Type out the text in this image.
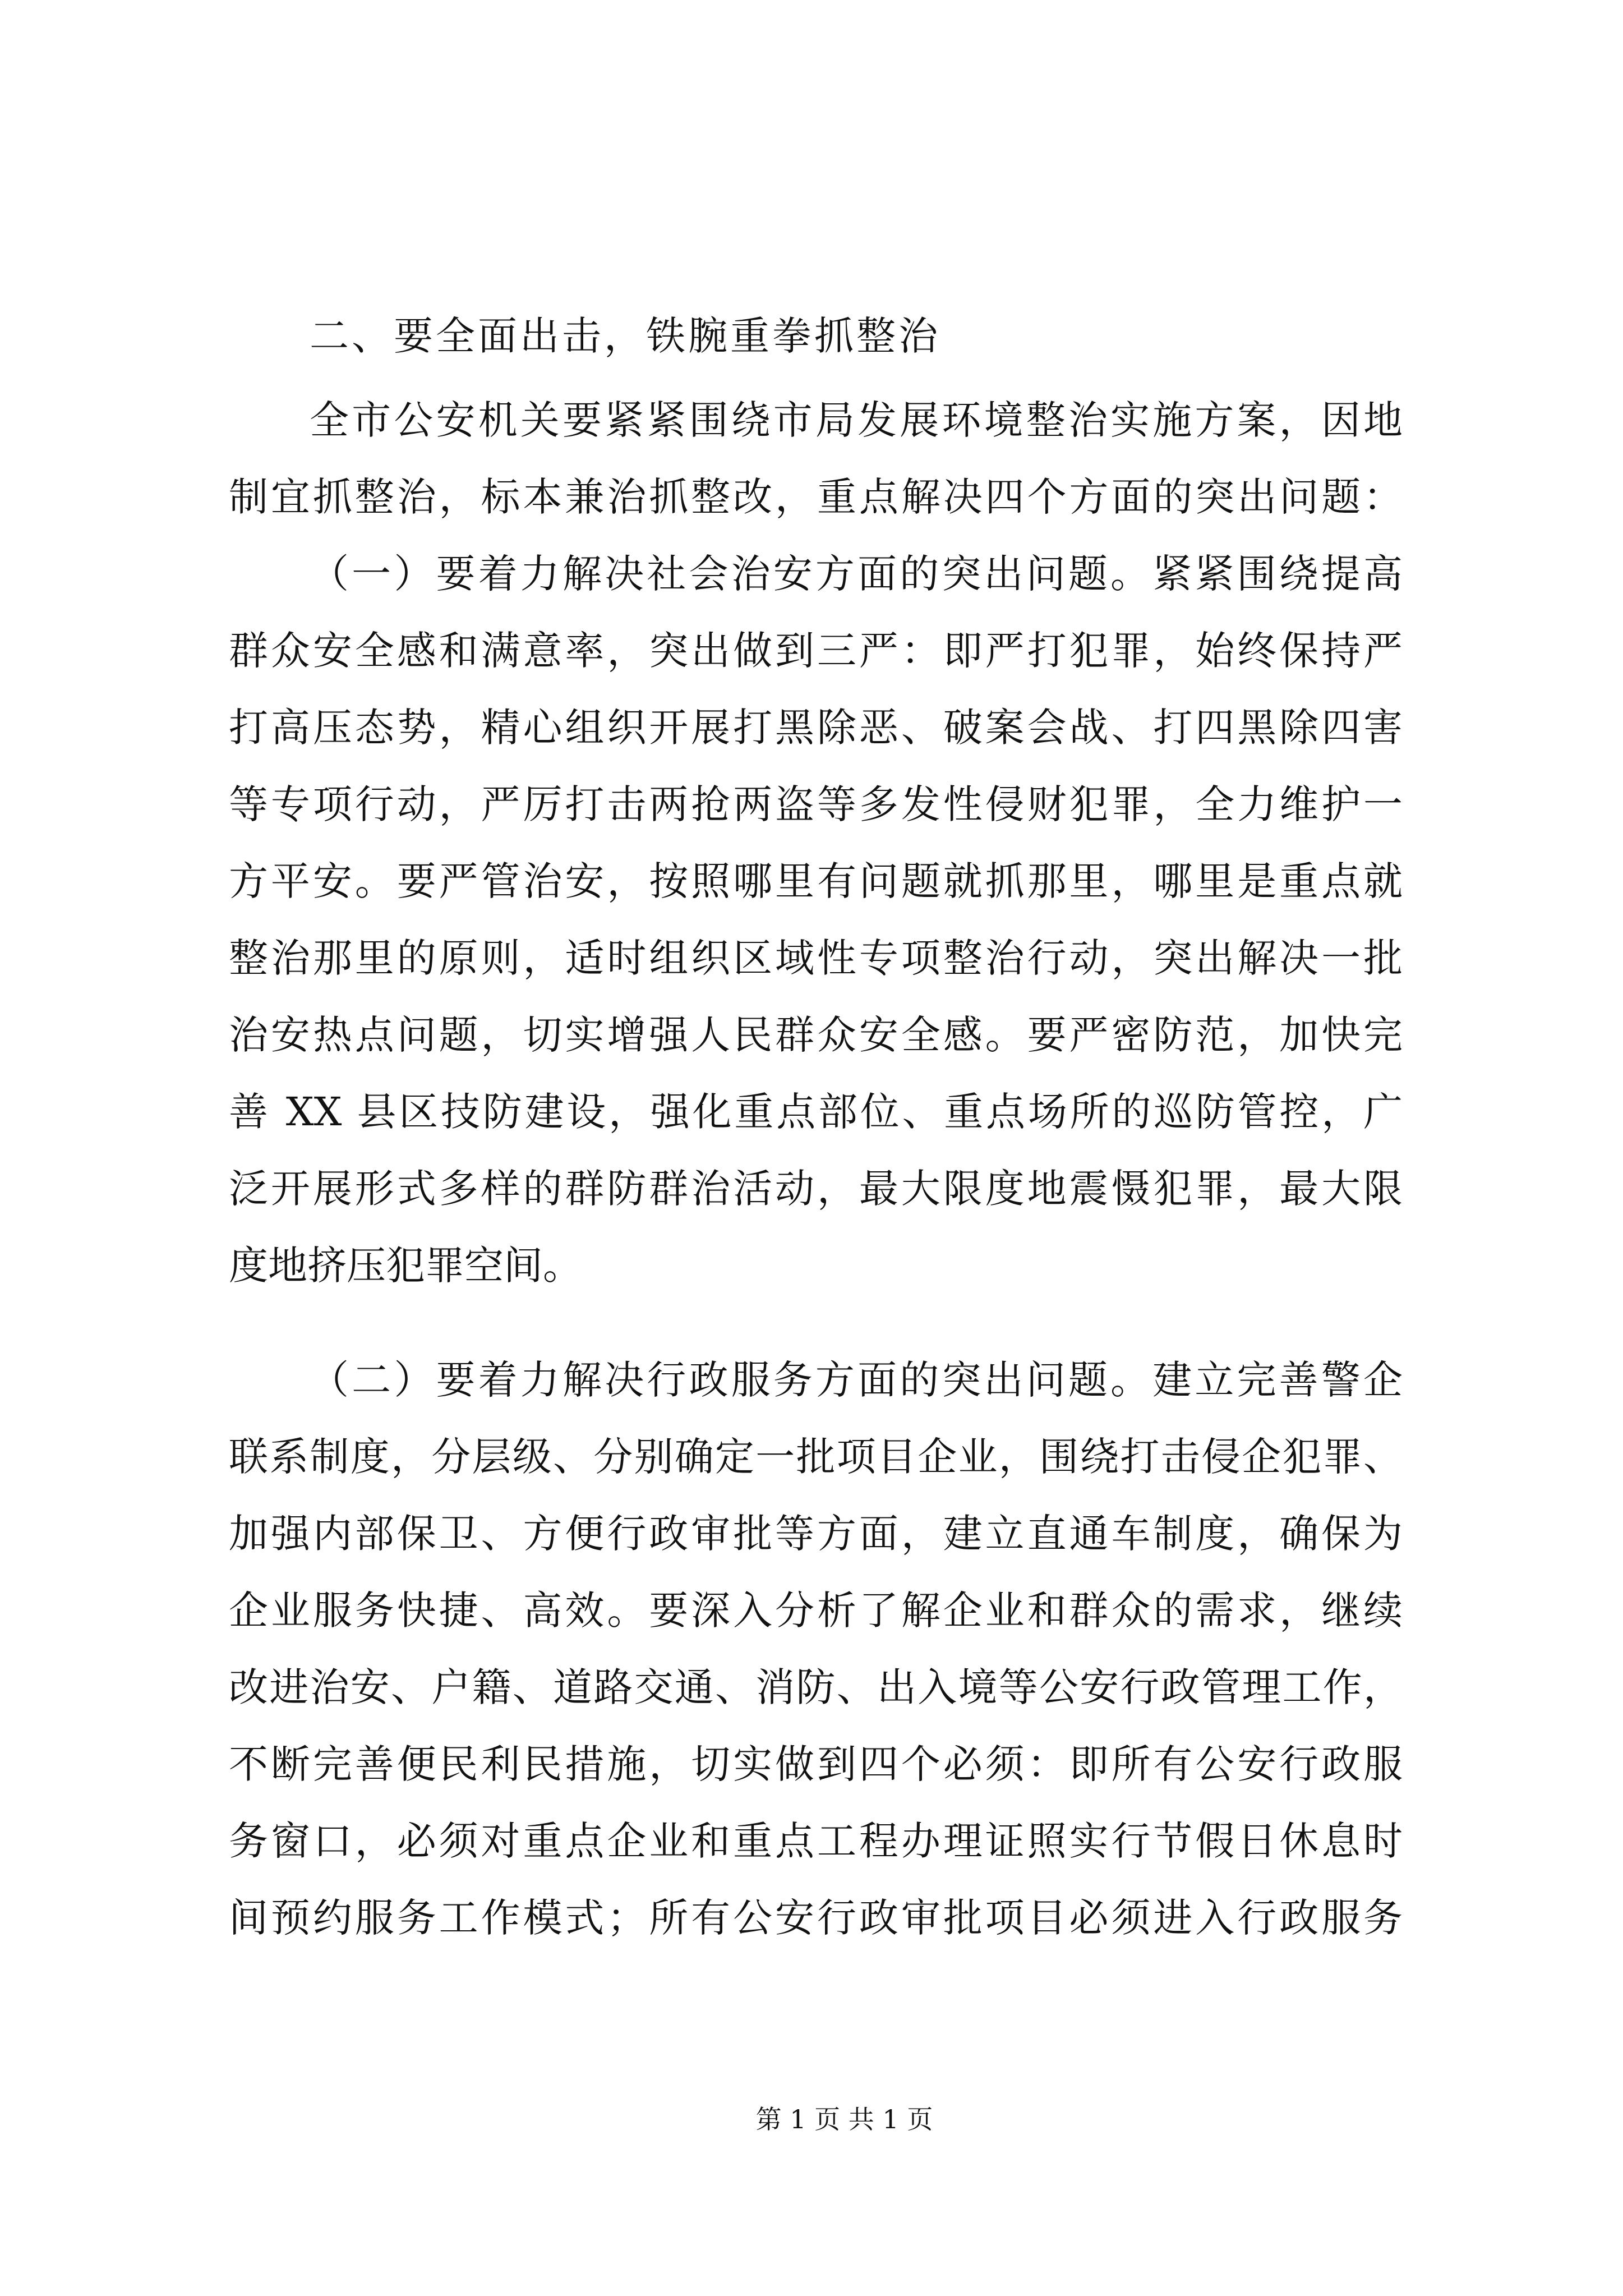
二、要全面出击，铁腕重拳抓整治
全市公安机关要紧紧围绕市局发展环境整治实施方案，因地
制宜抓整治，标本兼治抓整改，重点解决四个方面的突出问题：
（一）要着力解决社会治安方面的突出问题。紧紧围绕提高
群众安全感和满意率，突出做到三严：即严打犯罪，始终保持严
打高压态势，精心组织开展打黑除恶、破案会战、打四黑除四害
等专项行动，严厉打击两抢两盗等多发性侵财犯罪，全力维护一
方平安。要严管治安，按照哪里有问题就抓那里，哪里是重点就
整治那里的原则，适时组织区域性专项整治行动，突出解决一批
治安热点问题，切实增强人民群众安全感。要严密防范，加快完
善 XX 县区技防建设，强化重点部位、重点场所的巡防管控，广
泛开展形式多样的群防群治活动，最大限度地震慑犯罪，最大限
度地挤压犯罪空间。
（二）要着力解决行政服务方面的突出问题。建立完善警企
联系制度，分层级、分别确定一批项目企业，围绕打击侵企犯罪、
加强内部保卫、方便行政审批等方面，建立直通车制度，确保为
企业服务快捷、高效。要深入分析了解企业和群众的需求，继续
改进治安、户籍、道路交通、消防、出入境等公安行政管理工作，
不断完善便民利民措施，切实做到四个必须：即所有公安行政服
务窗口，必须对重点企业和重点工程办理证照实行节假日休息时
间预约服务工作模式；所有公安行政审批项目必须进入行政服务
第 1 页 共 1 页
